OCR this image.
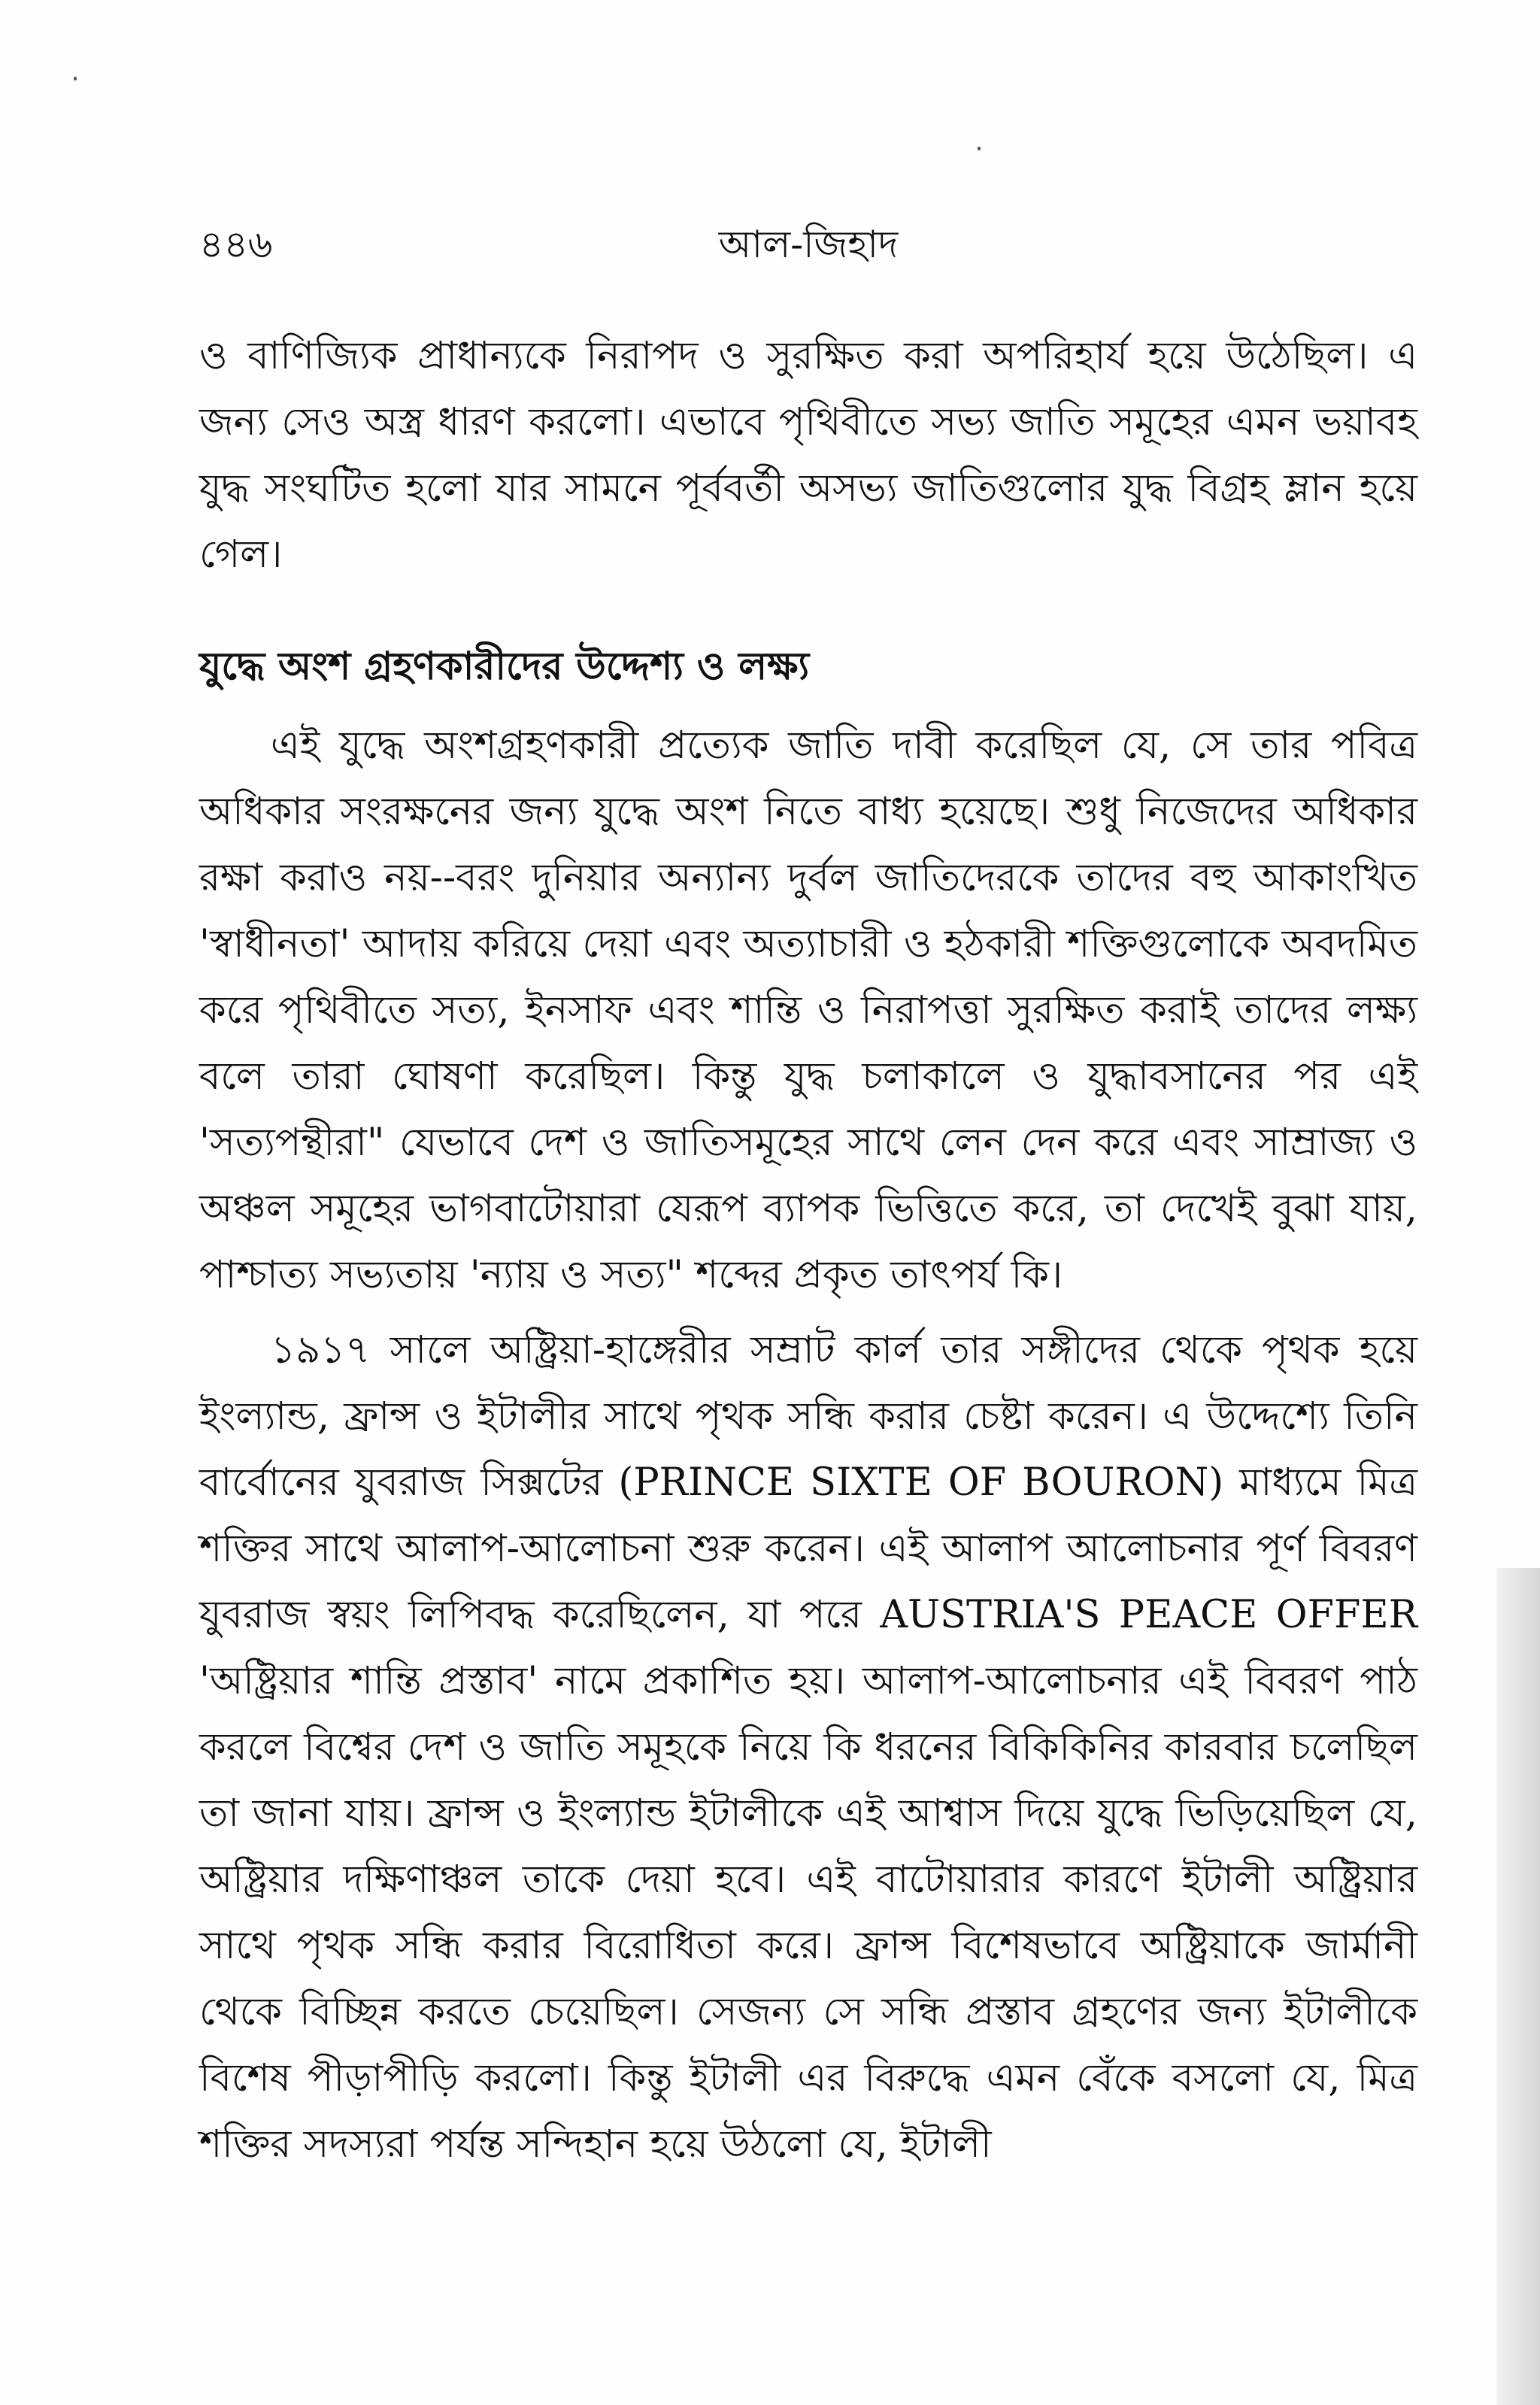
৪৪৬	আল-জিহাদ

ও বাণিজ্যিক প্রাধান্যকে নিরাপদ ও সুরক্ষিত করা অপরিহার্য হয়ে উঠেছিল। এ জন্য সেও অস্ত্র ধারণ করলো। এভাবে পৃথিবীতে সভ্য জাতি সমূহের এমন ভয়াবহ যুদ্ধ সংঘটিত হলো যার সামনে পূর্ববর্তী অসভ্য জাতিগুলোর যুদ্ধ বিগ্রহ ম্লান হয়ে গেল।

যুদ্ধে অংশ গ্রহণকারীদের উদ্দেশ্য ও লক্ষ্য

এই যুদ্ধে অংশগ্রহণকারী প্রত্যেক জাতি দাবী করেছিল যে, সে তার পবিত্র অধিকার সংরক্ষনের জন্য যুদ্ধে অংশ নিতে বাধ্য হয়েছে। শুধু নিজেদের অধিকার রক্ষা করাও নয়--বরং দুনিয়ার অন্যান্য দুর্বল জাতিদেরকে তাদের বহু আকাংখিত 'স্বাধীনতা' আদায় করিয়ে দেয়া এবং অত্যাচারী ও হঠকারী শক্তিগুলোকে অবদমিত করে পৃথিবীতে সত্য, ইনসাফ এবং শান্তি ও নিরাপত্তা সুরক্ষিত করাই তাদের লক্ষ্য বলে তারা ঘোষণা করেছিল। কিন্তু যুদ্ধ চলাকালে ও যুদ্ধাবসানের পর এই 'সত্যপন্থীরা" যেভাবে দেশ ও জাতিসমূহের সাথে লেন দেন করে এবং সাম্রাজ্য ও অঞ্চল সমূহের ভাগবাটোয়ারা যেরূপ ব্যাপক ভিত্তিতে করে, তা দেখেই বুঝা যায়, পাশ্চাত্য সভ্যতায় 'ন্যায় ও সত্য" শব্দের প্রকৃত তাৎপর্য কি।

১৯১৭ সালে অষ্ট্রিয়া-হাঙ্গেরীর সম্রাট কার্ল তার সঙ্গীদের থেকে পৃথক হয়ে ইংল্যান্ড, ফ্রান্স ও ইটালীর সাথে পৃথক সন্ধি করার চেষ্টা করেন। এ উদ্দেশ্যে তিনি বার্বোনের যুবরাজ সিক্সটের (PRINCE SIXTE OF BOURON) মাধ্যমে মিত্র শক্তির সাথে আলাপ-আলোচনা শুরু করেন। এই আলাপ আলোচনার পূর্ণ বিবরণ যুবরাজ স্বয়ং লিপিবদ্ধ করেছিলেন, যা পরে AUSTRIA'S PEACE OFFER 'অষ্ট্রিয়ার শান্তি প্রস্তাব' নামে প্রকাশিত হয়। আলাপ-আলোচনার এই বিবরণ পাঠ করলে বিশ্বের দেশ ও জাতি সমূহকে নিয়ে কি ধরনের বিকিকিনির কারবার চলেছিল তা জানা যায়। ফ্রান্স ও ইংল্যান্ড ইটালীকে এই আশ্বাস দিয়ে যুদ্ধে ভিড়িয়েছিল যে, অষ্ট্রিয়ার দক্ষিণাঞ্চল তাকে দেয়া হবে। এই বাটোয়ারার কারণে ইটালী অষ্ট্রিয়ার সাথে পৃথক সন্ধি করার বিরোধিতা করে। ফ্রান্স বিশেষভাবে অষ্ট্রিয়াকে জার্মানী থেকে বিচ্ছিন্ন করতে চেয়েছিল। সেজন্য সে সন্ধি প্রস্তাব গ্রহণের জন্য ইটালীকে বিশেষ পীড়াপীড়ি করলো। কিন্তু ইটালী এর বিরুদ্ধে এমন বেঁকে বসলো যে, মিত্র শক্তির সদস্যরা পর্যন্ত সন্দিহান হয়ে উঠলো যে, ইটালী
